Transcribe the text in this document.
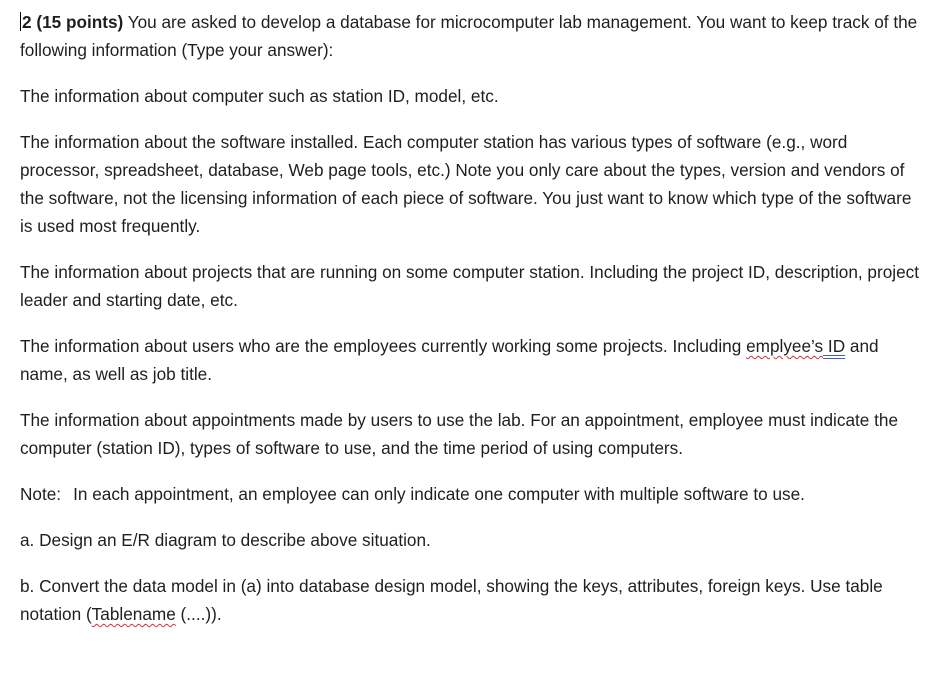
2 (15 points) You are asked to develop a database for microcomputer lab management. You want to keep track of the following information (Type your answer):

The information about computer such as station ID, model, etc.

The information about the software installed. Each computer station has various types of software (e.g., word processor, spreadsheet, database, Web page tools, etc.) Note you only care about the types, version and vendors of the software, not the licensing information of each piece of software. You just want to know which type of the software is used most frequently.

The information about projects that are running on some computer station. Including the project ID, description, project leader and starting date, etc.

The information about users who are the employees currently working some projects. Including emplyee’s ID and name, as well as job title.

The information about appointments made by users to use the lab. For an appointment, employee must indicate the computer (station ID), types of software to use, and the time period of using computers.

Note: In each appointment, an employee can only indicate one computer with multiple software to use.

a. Design an E/R diagram to describe above situation.

b. Convert the data model in (a) into database design model, showing the keys, attributes, foreign keys. Use table notation (Tablename (....)).
